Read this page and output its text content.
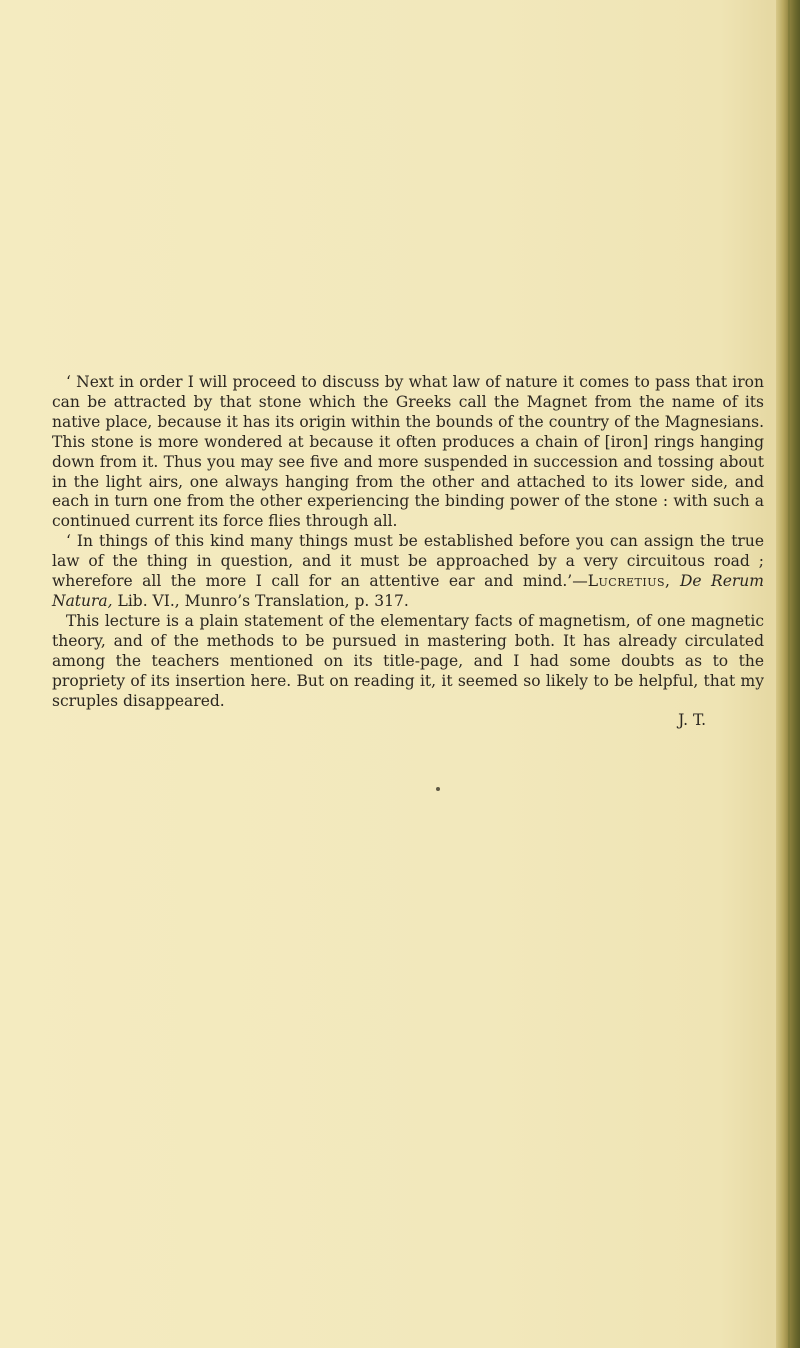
‘ Next in order I will proceed to discuss by what law of nature it comes to pass that iron can be attracted by that stone which the Greeks call the Magnet from the name of its native place, because it has its origin within the bounds of the country of the Magnesians. This stone is more wondered at because it often produces a chain of [iron] rings hanging down from it. Thus you may see five and more suspended in succession and tossing about in the light airs, one always hanging from the other and attached to its lower side, and each in turn one from the other experiencing the binding power of the stone : with such a continued current its force flies through all.

‘ In things of this kind many things must be established before you can assign the true law of the thing in question, and it must be approached by a very circuitous road ; wherefore all the more I call for an attentive ear and mind.’—Lucretius, De Rerum Natura, Lib. VI., Munro’s Translation, p. 317.

This lecture is a plain statement of the elementary facts of magnetism, of one magnetic theory, and of the methods to be pursued in mastering both. It has already circulated among the teachers mentioned on its title-page, and I had some doubts as to the propriety of its insertion here. But on reading it, it seemed so likely to be helpful, that my scruples disappeared.

J. T.
